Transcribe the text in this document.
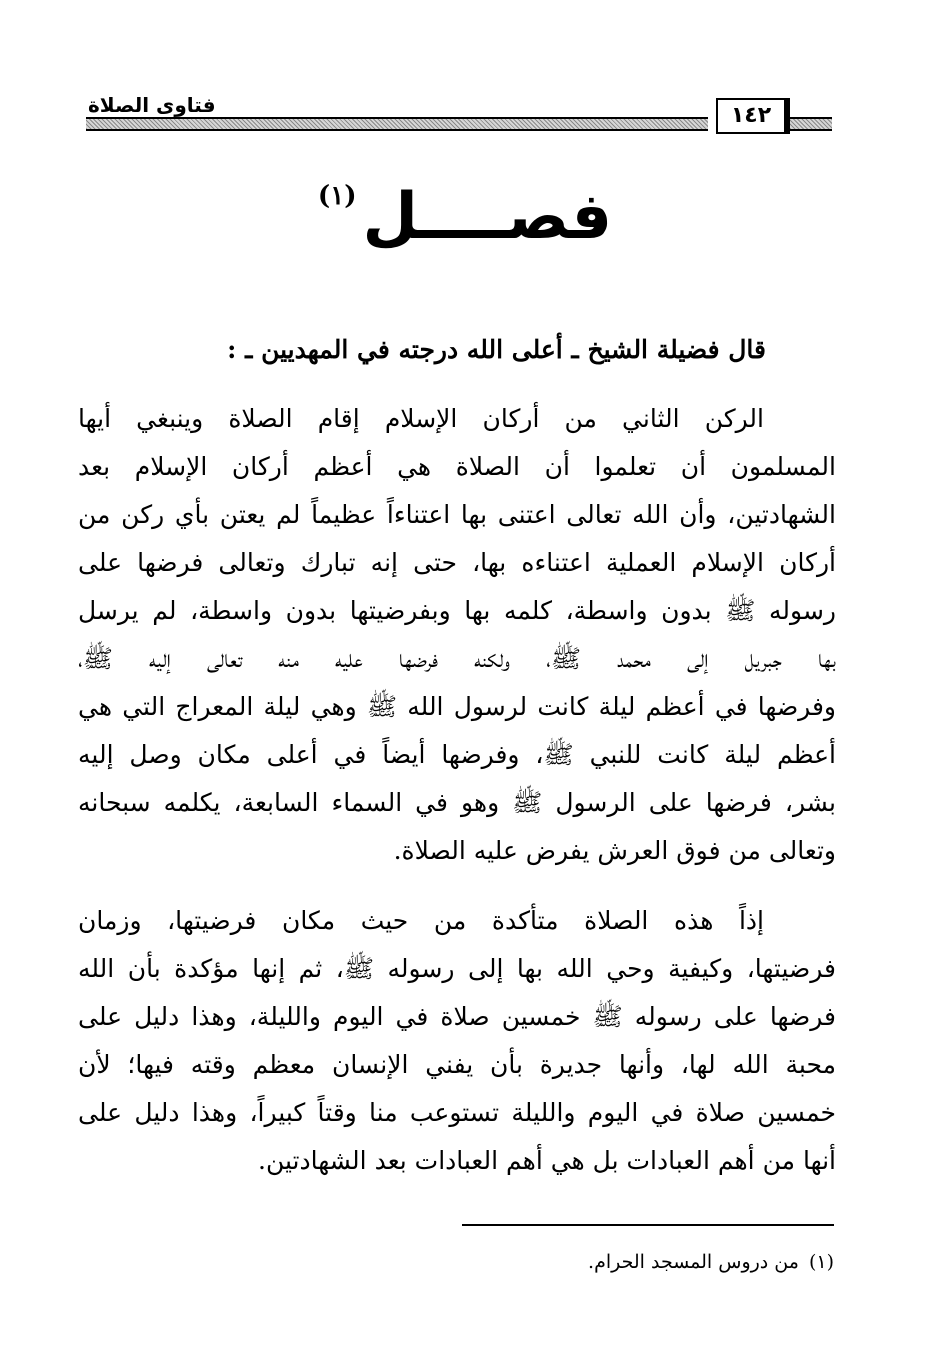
فتاوى الصلاة	١٤٢
فصــــل(١)
قال فضيلة الشيخ ـ أعلى الله درجته في المهديين ـ :
الركن الثاني من أركان الإسلام إقام الصلاة وينبغي أيها
المسلمون أن تعلموا أن الصلاة هي أعظم أركان الإسلام بعد
الشهادتين، وأن الله تعالى اعتنى بها اعتناءاً عظيماً لم يعتن بأي ركن من
أركان الإسلام العملية اعتناءه بها، حتى إنه تبارك وتعالى فرضها على
رسوله ﷺ بدون واسطة، كلمه بها وبفرضيتها بدون واسطة، لم يرسل
بها جبريل إلى محمد ﷺ، ولكنه فرضها عليه منه تعالى إليه ﷺ،
وفرضها في أعظم ليلة كانت لرسول الله ﷺ وهي ليلة المعراج التي هي
أعظم ليلة كانت للنبي ﷺ، وفرضها أيضاً في أعلى مكان وصل إليه
بشر، فرضها على الرسول ﷺ وهو في السماء السابعة، يكلمه سبحانه
وتعالى من فوق العرش يفرض عليه الصلاة.
إذاً هذه الصلاة متأكدة من حيث مكان فرضيتها، وزمان
فرضيتها، وكيفية وحي الله بها إلى رسوله ﷺ، ثم إنها مؤكدة بأن الله
فرضها على رسوله ﷺ خمسين صلاة في اليوم والليلة، وهذا دليل على
محبة الله لها، وأنها جديرة بأن يفني الإنسان معظم وقته فيها؛ لأن
خمسين صلاة في اليوم والليلة تستوعب منا وقتاً كبيراً، وهذا دليل على
أنها من أهم العبادات بل هي أهم العبادات بعد الشهادتين.
(١)من دروس المسجد الحرام.
